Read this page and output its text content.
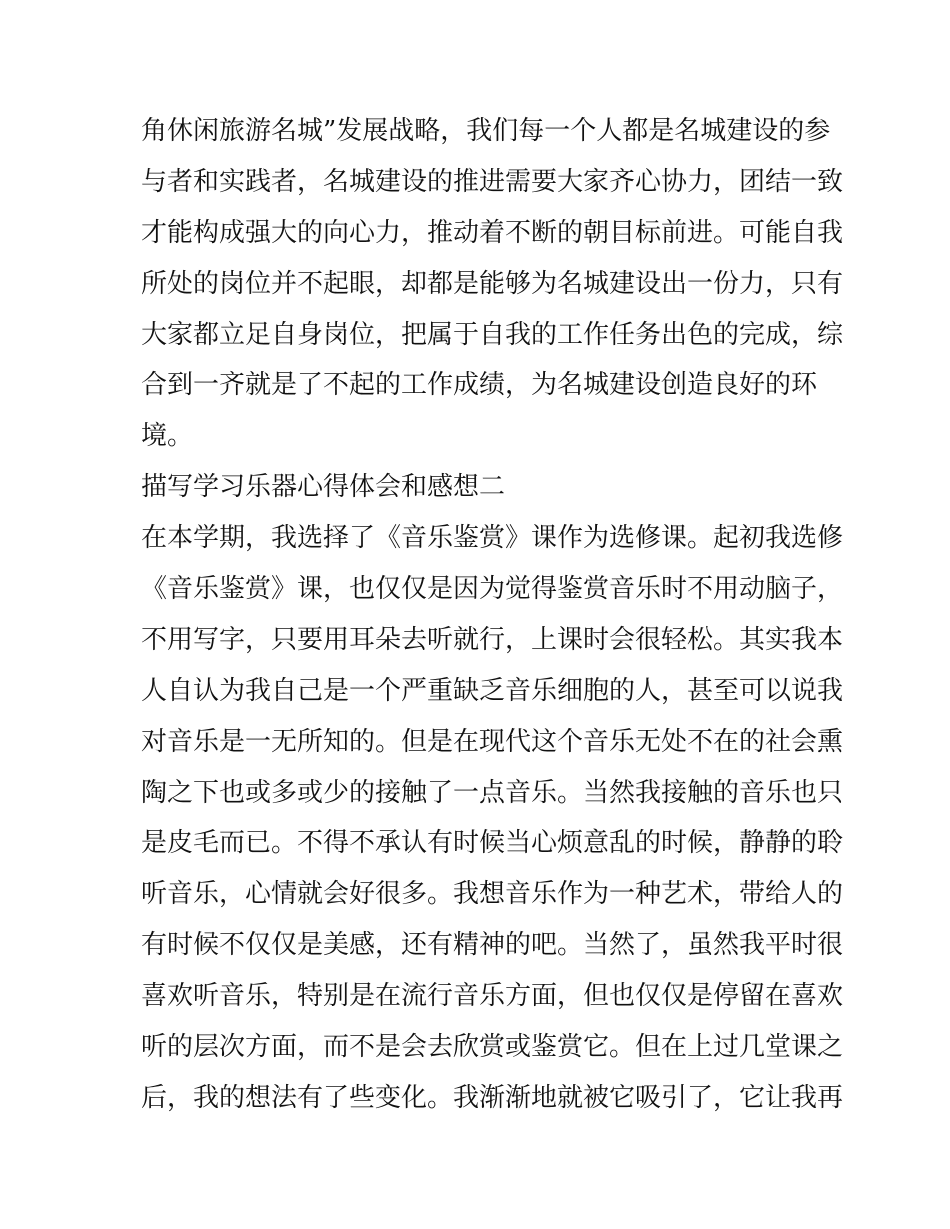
角休闲旅游名城”发展战略，我们每一个人都是名城建设的参
与者和实践者，名城建设的推进需要大家齐心协力，团结一致
才能构成强大的向心力，推动着不断的朝目标前进。可能自我
所处的岗位并不起眼，却都是能够为名城建设出一份力，只有
大家都立足自身岗位，把属于自我的工作任务出色的完成，综
合到一齐就是了不起的工作成绩，为名城建设创造良好的环
境。
描写学习乐器心得体会和感想二
在本学期，我选择了《音乐鉴赏》课作为选修课。起初我选修
《音乐鉴赏》课，也仅仅是因为觉得鉴赏音乐时不用动脑子，
不用写字，只要用耳朵去听就行，上课时会很轻松。其实我本
人自认为我自己是一个严重缺乏音乐细胞的人，甚至可以说我
对音乐是一无所知的。但是在现代这个音乐无处不在的社会熏
陶之下也或多或少的接触了一点音乐。当然我接触的音乐也只
是皮毛而已。不得不承认有时候当心烦意乱的时候，静静的聆
听音乐，心情就会好很多。我想音乐作为一种艺术，带给人的
有时候不仅仅是美感，还有精神的吧。当然了，虽然我平时很
喜欢听音乐，特别是在流行音乐方面，但也仅仅是停留在喜欢
听的层次方面，而不是会去欣赏或鉴赏它。但在上过几堂课之
后，我的想法有了些变化。我渐渐地就被它吸引了，它让我再
